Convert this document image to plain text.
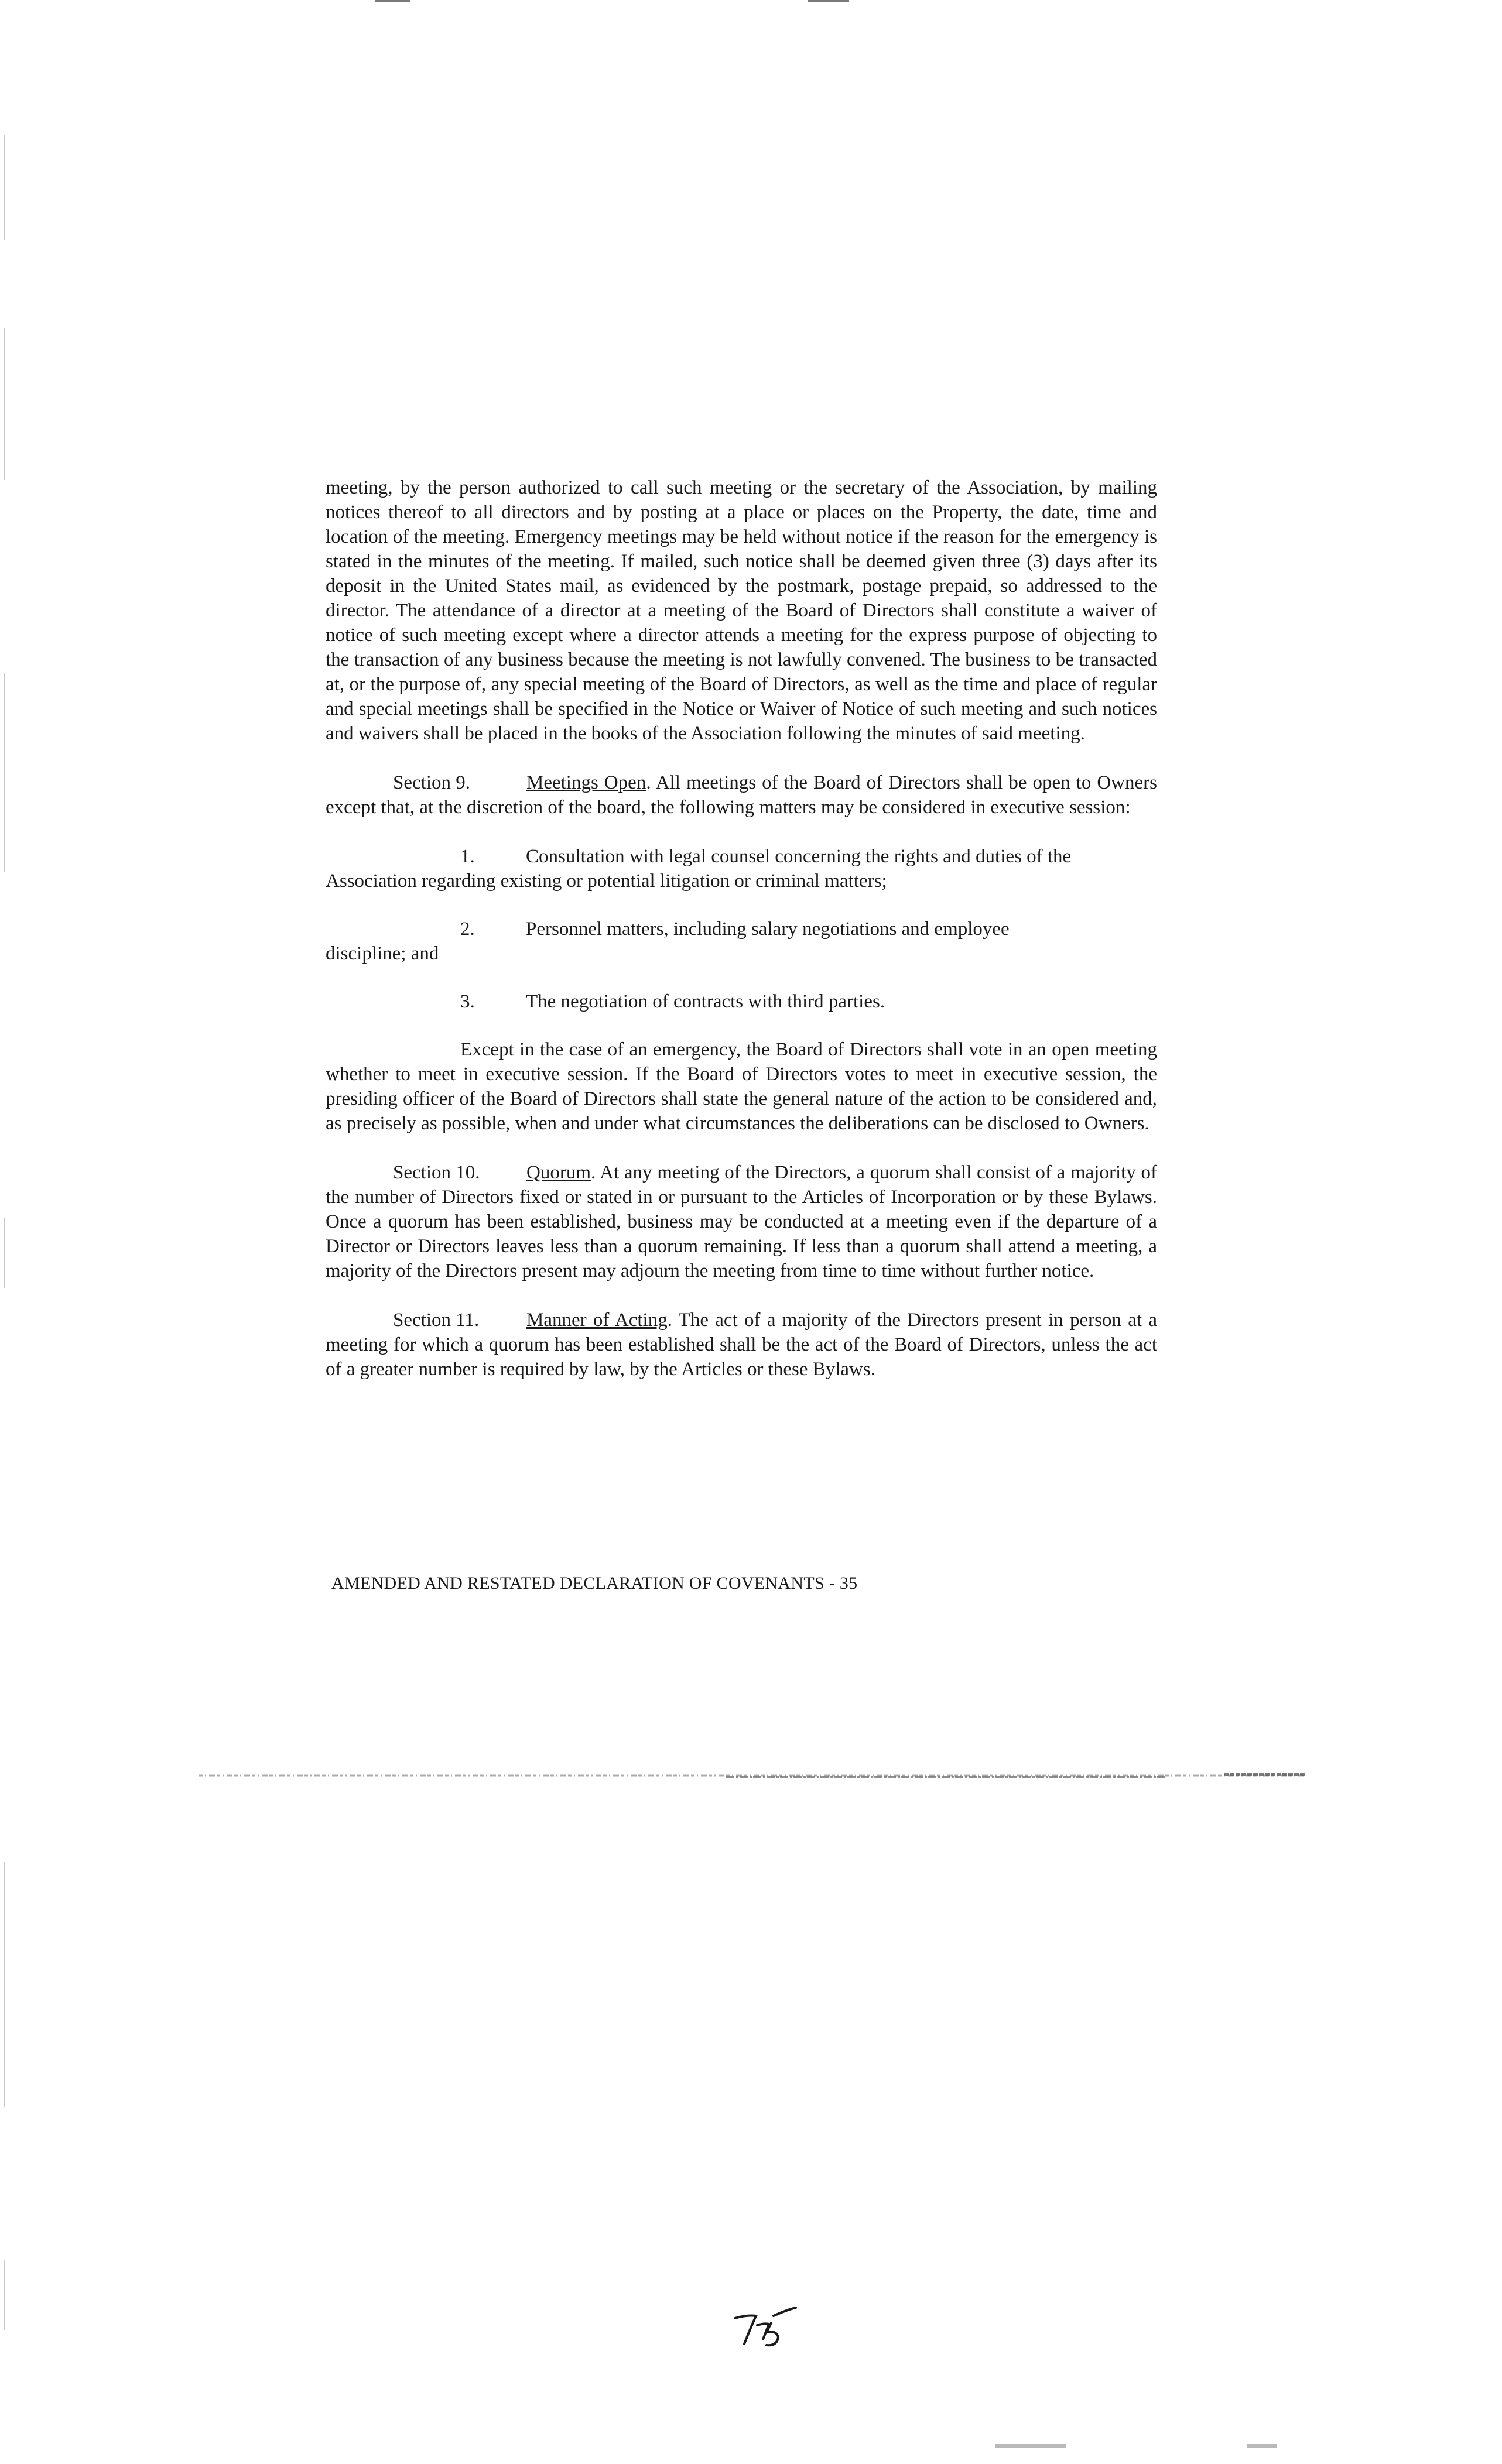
meeting, by the person authorized to call such meeting or the secretary of the Association, by mailing notices thereof to all directors and by posting at a place or places on the Property, the date, time and location of the meeting. Emergency meetings may be held without notice if the reason for the emergency is stated in the minutes of the meeting. If mailed, such notice shall be deemed given three (3) days after its deposit in the United States mail, as evidenced by the postmark, postage prepaid, so addressed to the director. The attendance of a director at a meeting of the Board of Directors shall constitute a waiver of notice of such meeting except where a director attends a meeting for the express purpose of objecting to the transaction of any business because the meeting is not lawfully convened. The business to be transacted at, or the purpose of, any special meeting of the Board of Directors, as well as the time and place of regular and special meetings shall be specified in the Notice or Waiver of Notice of such meeting and such notices and waivers shall be placed in the books of the Association following the minutes of said meeting.

Section 9.	Meetings Open. All meetings of the Board of Directors shall be open to Owners except that, at the discretion of the board, the following matters may be considered in executive session:

1.	Consultation with legal counsel concerning the rights and duties of the
Association regarding existing or potential litigation or criminal matters;

2.	Personnel matters, including salary negotiations and employee
discipline; and

3.	The negotiation of contracts with third parties.

Except in the case of an emergency, the Board of Directors shall vote in an open meeting whether to meet in executive session. If the Board of Directors votes to meet in executive session, the presiding officer of the Board of Directors shall state the general nature of the action to be considered and, as precisely as possible, when and under what circumstances the deliberations can be disclosed to Owners.

Section 10. Quorum. At any meeting of the Directors, a quorum shall consist of a majority of the number of Directors fixed or stated in or pursuant to the Articles of Incorporation or by these Bylaws. Once a quorum has been established, business may be conducted at a meeting even if the departure of a Director or Directors leaves less than a quorum remaining. If less than a quorum shall attend a meeting, a majority of the Directors present may adjourn the meeting from time to time without further notice.

Section 11. Manner of Acting. The act of a majority of the Directors present in person at a meeting for which a quorum has been established shall be the act of the Board of Directors, unless the act of a greater number is required by law, by the Articles or these Bylaws.

AMENDED AND RESTATED DECLARATION OF COVENANTS - 35
